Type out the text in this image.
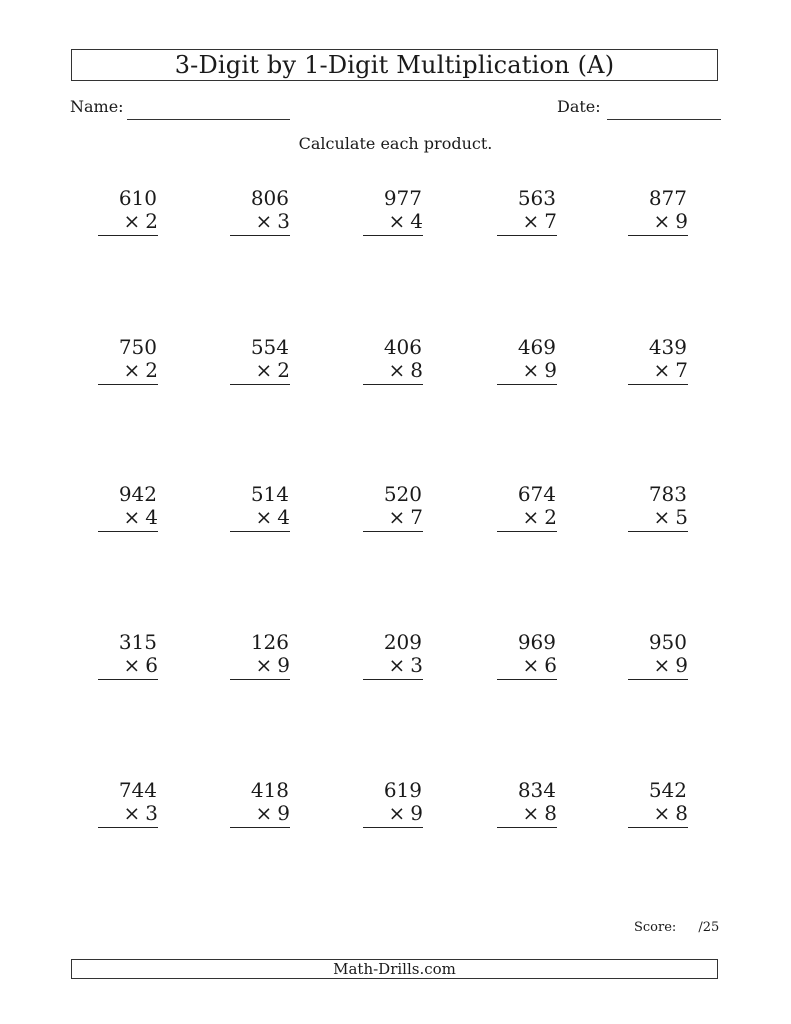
3-Digit by 1-Digit Multiplication (A)
Name:	Date:
Calculate each product.
610
× 2
806
× 3
977
× 4
563
× 7
877
× 9
750
× 2
554
× 2
406
× 8
469
× 9
439
× 7
942
× 4
514
× 4
520
× 7
674
× 2
783
× 5
315
× 6
126
× 9
209
× 3
969
× 6
950
× 9
744
× 3
418
× 9
619
× 9
834
× 8
542
× 8
Score: /25
Math-Drills.com
